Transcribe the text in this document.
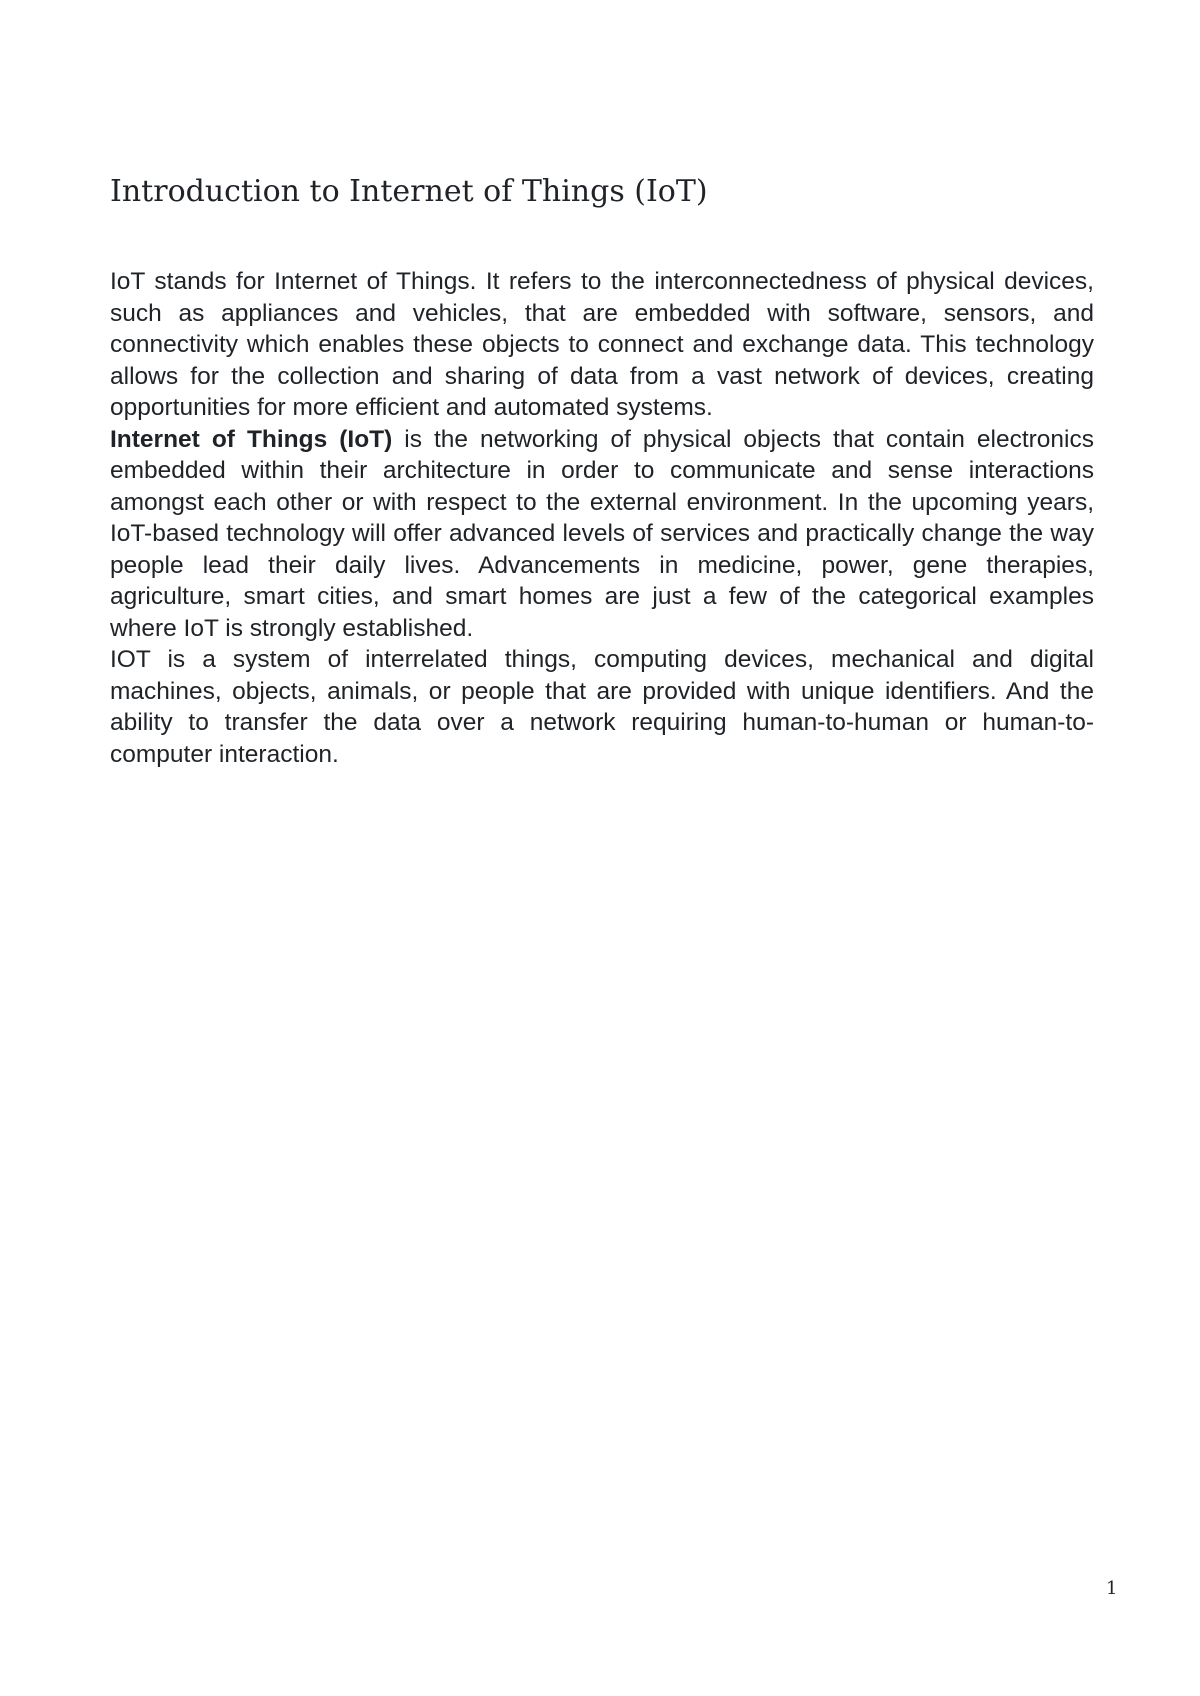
Introduction to Internet of Things (IoT)

IoT stands for Internet of Things. It refers to the interconnectedness of physical devices, such as appliances and vehicles, that are embedded with software, sensors, and connectivity which enables these objects to connect and exchange data. This technology allows for the collection and sharing of data from a vast network of devices, creating opportunities for more efficient and automated systems.

Internet of Things (IoT) is the networking of physical objects that contain electronics embedded within their architecture in order to communicate and sense interactions amongst each other or with respect to the external environment. In the upcoming years, IoT-based technology will offer advanced levels of services and practically change the way people lead their daily lives. Advancements in medicine, power, gene therapies, agriculture, smart cities, and smart homes are just a few of the categorical examples where IoT is strongly established.

IOT is a system of interrelated things, computing devices, mechanical and digital machines, objects, animals, or people that are provided with unique identifiers. And the ability to transfer the data over a network requiring human-to-human or human-to-computer interaction.

1
